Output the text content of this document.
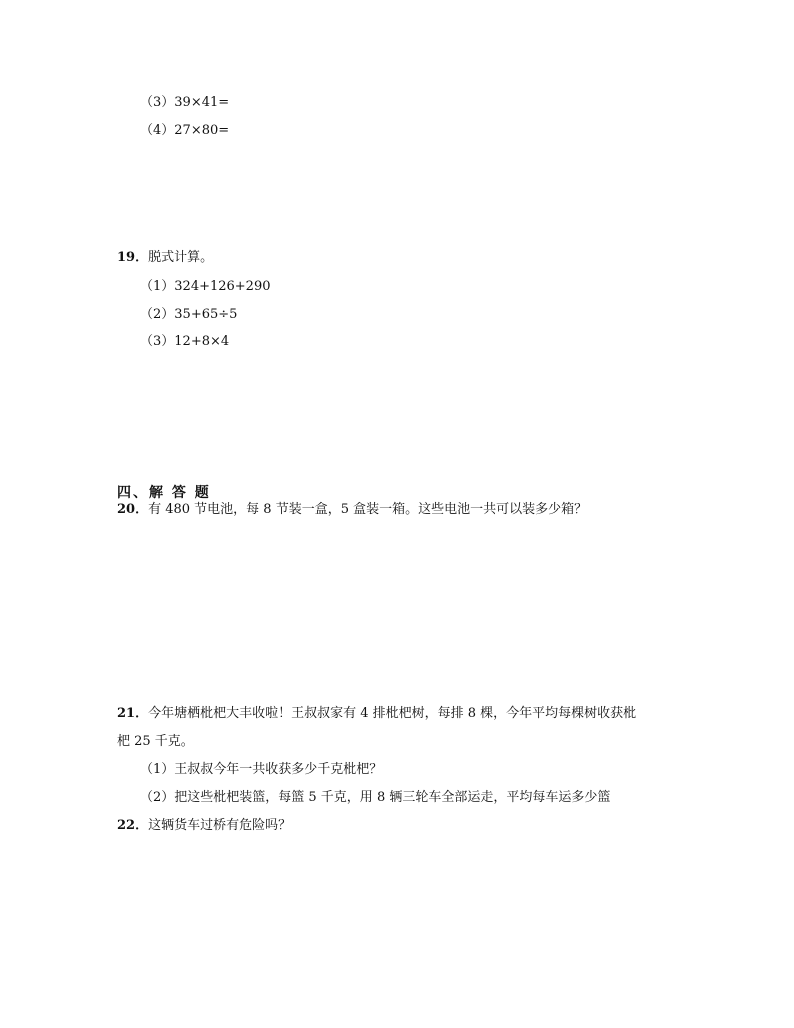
（3）39×41=
（4）27×80=
19．脱式计算。
（1）324+126+290
（2）35+65÷5
（3）12+8×4
四、解 答 题
20．有 480 节电池，每 8 节装一盒，5 盒装一箱。这些电池一共可以装多少箱？
21．今年塘栖枇杷大丰收啦！王叔叔家有 4 排枇杷树，每排 8 棵，今年平均每棵树收获枇
杷 25 千克。
（1）王叔叔今年一共收获多少千克枇杷？
（2）把这些枇杷装篮，每篮 5 千克，用 8 辆三轮车全部运走，平均每车运多少篮
22．这辆货车过桥有危险吗？
